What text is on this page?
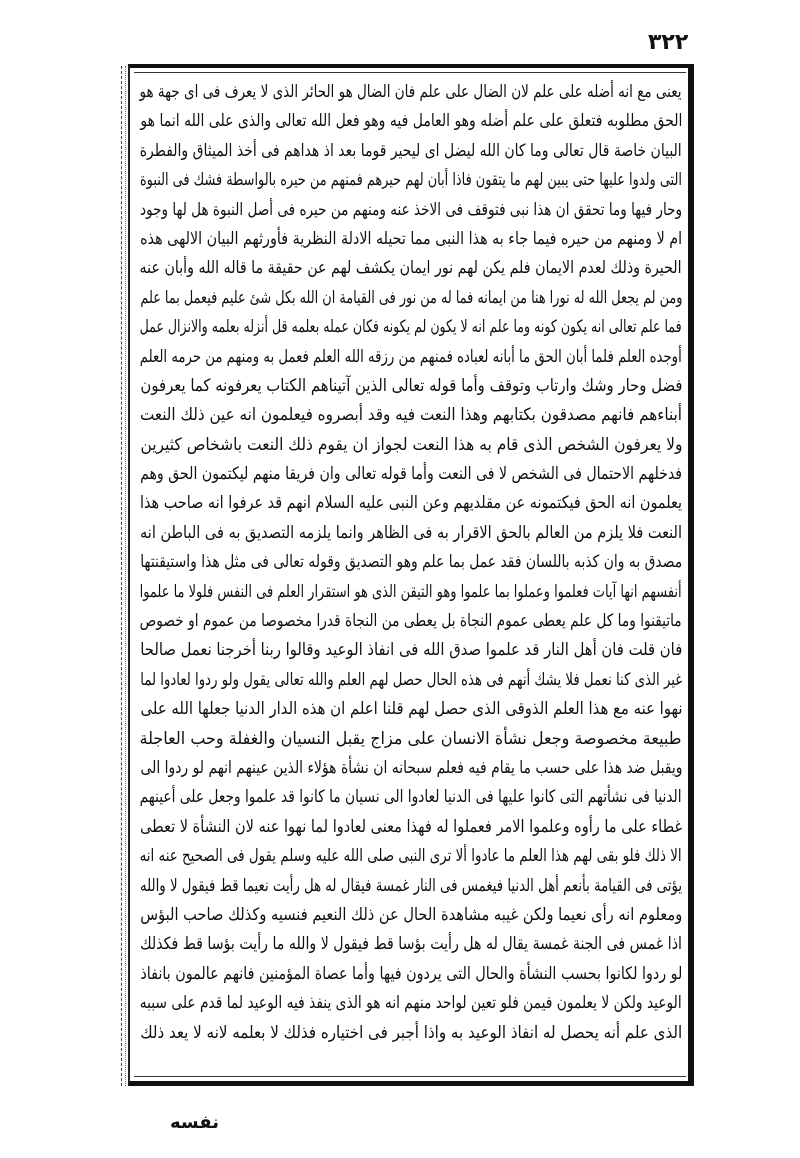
٣٢٢
يعنى مع انه أضله على علم لان الضال على علم فان الضال هو الحائر الذى لا يعرف فى اى جهة هو
الحق مطلوبه فتعلق على علم أضله وهو العامل فيه وهو فعل الله تعالى والذى على الله انما هو
البيان خاصة قال تعالى وما كان الله ليضل اى ليحير قوما بعد اذ هداهم فى أخذ الميثاق والفطرة
التى ولدوا عليها حتى يبين لهم ما يتقون فاذا أبان لهم حيرهم فمنهم من حيره بالواسطة فشك فى النبوة
وحار فيها وما تحقق ان هذا نبى فتوقف فى الاخذ عنه ومنهم من حيره فى أصل النبوة هل لها وجود
ام لا ومنهم من حيره فيما جاء به هذا النبى مما تحيله الادلة النظرية فأورثهم البيان الالهى هذه
الحيرة وذلك لعدم الايمان فلم يكن لهم نور ايمان يكشف لهم عن حقيقة ما قاله الله وأبان عنه
ومن لم يجعل الله له نورا هنا من ايمانه فما له من نور فى القيامة ان الله بكل شئ عليم فيعمل بما علم
فما علم تعالى انه يكون كونه وما علم انه لا يكون لم يكونه فكان عمله بعلمه قل أنزله بعلمه والانزال عمل
أوجده العلم فلما أبان الحق ما أبانه لعباده فمنهم من رزقه الله العلم فعمل به ومنهم من حرمه العلم
فضل وحار وشك وارتاب وتوقف وأما قوله تعالى الذين آتيناهم الكتاب يعرفونه كما يعرفون
أبناءهم فانهم مصدقون بكتابهم وهذا النعت فيه وقد أبصروه فيعلمون انه عين ذلك النعت
ولا يعرفون الشخص الذى قام به هذا النعت لجواز ان يقوم ذلك النعت باشخاص كثيرين
فدخلهم الاحتمال فى الشخص لا فى النعت وأما قوله تعالى وان فريقا منهم ليكتمون الحق وهم
يعلمون انه الحق فيكتمونه عن مقلديهم وعن النبى عليه السلام انهم قد عرفوا انه صاحب هذا
النعت فلا يلزم من العالم بالحق الاقرار به فى الظاهر وانما يلزمه التصديق به فى الباطن انه
مصدق به وان كذبه باللسان فقد عمل بما علم وهو التصديق وقوله تعالى فى مثل هذا واستيقنتها
أنفسهم انها آيات فعلموا وعملوا بما علموا وهو التيقن الذى هو استقرار العلم فى النفس فلولا ما علموا
ماتيقنوا وما كل علم يعطى عموم النجاة بل يعطى من النجاة قدرا مخصوصا من عموم او خصوص
فان قلت فان أهل النار قد علموا صدق الله فى انفاذ الوعيد وقالوا ربنا أخرجنا نعمل صالحا
غير الذى كنا نعمل فلا يشك أنهم فى هذه الحال حصل لهم العلم والله تعالى يقول ولو ردوا لعادوا لما
نهوا عنه مع هذا العلم الذوقى الذى حصل لهم قلنا اعلم ان هذه الدار الدنيا جعلها الله على
طبيعة مخصوصة وجعل نشأة الانسان على مزاج يقبل النسيان والغفلة وحب العاجلة
ويقبل ضد هذا على حسب ما يقام فيه فعلم سبحانه ان نشأة هؤلاء الذين عينهم انهم لو ردوا الى
الدنيا فى نشأتهم التى كانوا عليها فى الدنيا لعادوا الى نسيان ما كانوا قد علموا وجعل على أعينهم
غطاء على ما رأوه وعلموا الامر فعملوا له فهذا معنى لعادوا لما نهوا عنه لان النشأة لا تعطى
الا ذلك فلو بقى لهم هذا العلم ما عادوا ألا ترى النبى صلى الله عليه وسلم يقول فى الصحيح عنه انه
يؤتى فى القيامة بأنعم أهل الدنيا فيغمس فى النار غمسة فيقال له هل رأيت نعيما قط فيقول لا والله
ومعلوم انه رأى نعيما ولكن غيبه مشاهدة الحال عن ذلك النعيم فنسيه وكذلك صاحب البؤس
اذا غمس فى الجنة غمسة يقال له هل رأيت بؤسا قط فيقول لا والله ما رأيت بؤسا قط فكذلك
لو ردوا لكانوا بحسب النشأة والحال التى يردون فيها وأما عصاة المؤمنين فانهم عالمون بانفاذ
الوعيد ولكن لا يعلمون فيمن فلو تعين لواحد منهم انه هو الذى ينفذ فيه الوعيد لما قدم على سببه
الذى علم أنه يحصل له انفاذ الوعيد به واذا أجبر فى اختياره فذلك لا بعلمه لانه لا يعد ذلك
نفسه
